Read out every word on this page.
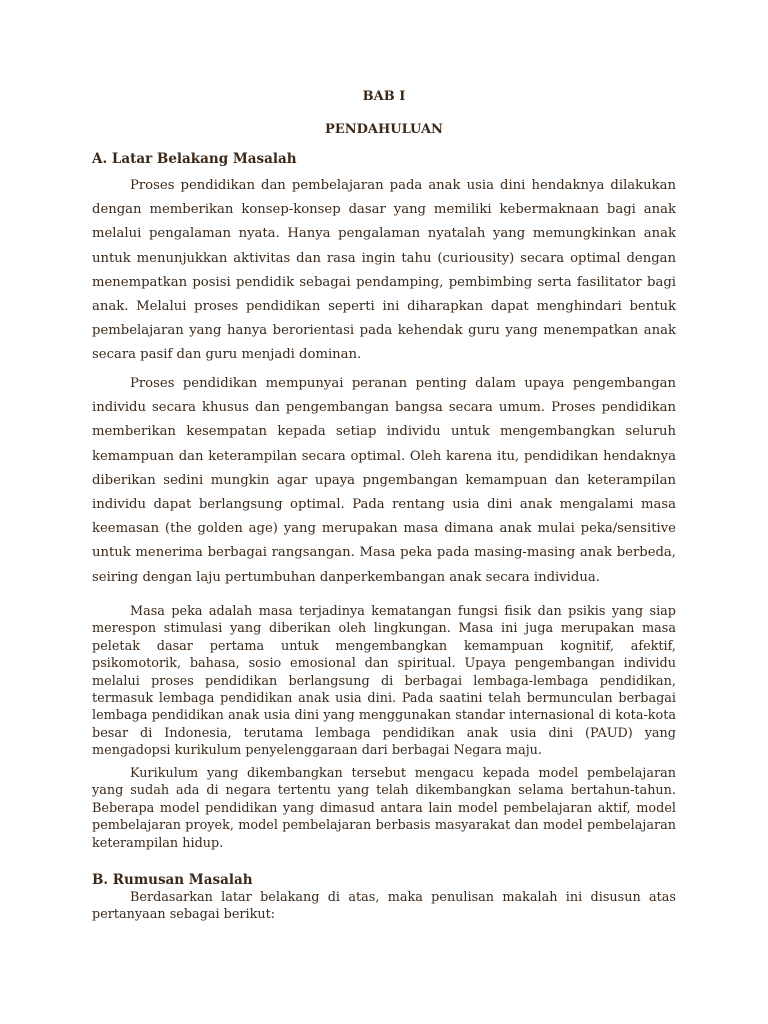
BAB I

PENDAHULUAN

A. Latar Belakang Masalah

Proses pendidikan dan pembelajaran pada anak usia dini hendaknya dilakukan dengan memberikan konsep-konsep dasar yang memiliki kebermaknaan bagi anak melalui pengalaman nyata. Hanya pengalaman nyatalah yang memungkinkan anak untuk menunjukkan aktivitas dan rasa ingin tahu (curiousity) secara optimal dengan menempatkan posisi pendidik sebagai pendamping, pembimbing serta fasilitator bagi anak. Melalui proses pendidikan seperti ini diharapkan dapat menghindari bentuk pembelajaran yang hanya berorientasi pada kehendak guru yang menempatkan anak secara pasif dan guru menjadi dominan.

Proses pendidikan mempunyai peranan penting dalam upaya pengembangan individu secara khusus dan pengembangan bangsa secara umum. Proses pendidikan memberikan kesempatan kepada setiap individu untuk mengembangkan seluruh kemampuan dan keterampilan secara optimal. Oleh karena itu, pendidikan hendaknya diberikan sedini mungkin agar upaya pngembangan kemampuan dan keterampilan individu dapat berlangsung optimal. Pada rentang usia dini anak mengalami masa keemasan (the golden age) yang merupakan masa dimana anak mulai peka/sensitive untuk menerima berbagai rangsangan. Masa peka pada masing-masing anak berbeda, seiring dengan laju pertumbuhan danperkembangan anak secara individua.

Masa peka adalah masa terjadinya kematangan fungsi fisik dan psikis yang siap merespon stimulasi yang diberikan oleh lingkungan. Masa ini juga merupakan masa peletak dasar pertama untuk mengembangkan kemampuan kognitif, afektif, psikomotorik, bahasa, sosio emosional dan spiritual. Upaya pengembangan individu melalui proses pendidikan berlangsung di berbagai lembaga-lembaga pendidikan, termasuk lembaga pendidikan anak usia dini. Pada saatini telah bermunculan berbagai lembaga pendidikan anak usia dini yang menggunakan standar internasional di kota-kota besar di Indonesia, terutama lembaga pendidikan anak usia dini (PAUD) yang mengadopsi kurikulum penyelenggaraan dari berbagai Negara maju.

Kurikulum yang dikembangkan tersebut mengacu kepada model pembelajaran yang sudah ada di negara tertentu yang telah dikembangkan selama bertahun-tahun. Beberapa model pendidikan yang dimasud antara lain model pembelajaran aktif, model pembelajaran proyek, model pembelajaran berbasis masyarakat dan model pembelajaran keterampilan hidup.

B. Rumusan Masalah

Berdasarkan latar belakang di atas, maka penulisan makalah ini disusun atas pertanyaan sebagai berikut:
